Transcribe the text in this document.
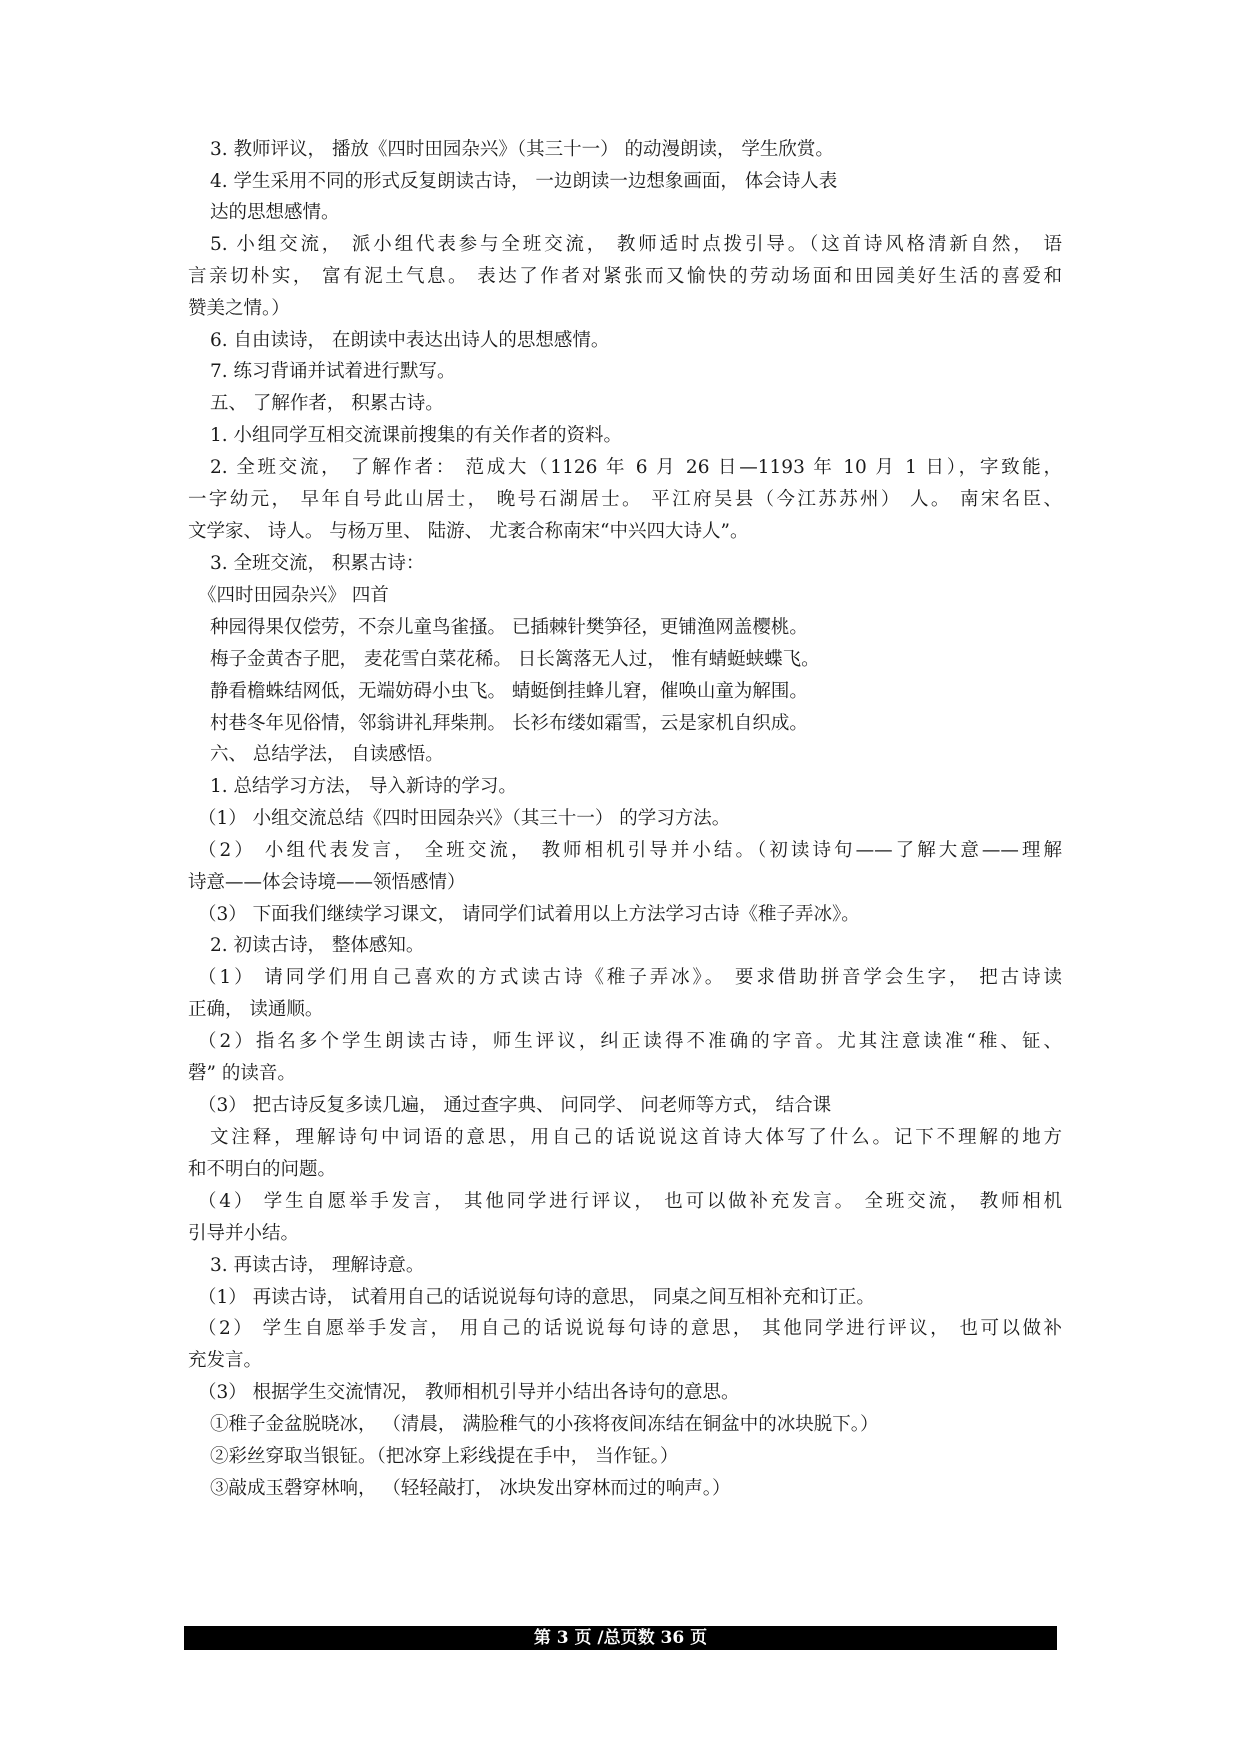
3. 教师评议， 播放《四时田园杂兴》（其三十一） 的动漫朗读， 学生欣赏。
4. 学生采用不同的形式反复朗读古诗， 一边朗读一边想象画面， 体会诗人表
达的思想感情。
5. 小组交流， 派小组代表参与全班交流， 教师适时点拨引导。（这首诗风格清新自然， 语
言亲切朴实， 富有泥土气息。 表达了作者对紧张而又愉快的劳动场面和田园美好生活的喜爱和
赞美之情。）
6. 自由读诗， 在朗读中表达出诗人的思想感情。
7. 练习背诵并试着进行默写。
五、 了解作者， 积累古诗。
1. 小组同学互相交流课前搜集的有关作者的资料。
2. 全班交流， 了解作者： 范成大（1126 年 6 月 26 日—1193 年 10 月 1 日），字致能，
一字幼元， 早年自号此山居士， 晚号石湖居士。 平江府吴县（今江苏苏州） 人。 南宋名臣、
文学家、 诗人。 与杨万里、 陆游、 尤袤合称南宋“中兴四大诗人”。
3. 全班交流， 积累古诗：
《四时田园杂兴》 四首
种园得果仅偿劳，不奈儿童鸟雀搔。 已插棘针樊笋径，更铺渔网盖樱桃。
梅子金黄杏子肥， 麦花雪白菜花稀。 日长篱落无人过， 惟有蜻蜓蛱蝶飞。
静看檐蛛结网低，无端妨碍小虫飞。 蜻蜓倒挂蜂儿窘，催唤山童为解围。
村巷冬年见俗情，邻翁讲礼拜柴荆。 长衫布缕如霜雪，云是家机自织成。
六、 总结学法， 自读感悟。
1. 总结学习方法， 导入新诗的学习。
（1） 小组交流总结《四时田园杂兴》（其三十一） 的学习方法。
（2） 小组代表发言， 全班交流， 教师相机引导并小结。（初读诗句——了解大意——理解
诗意——体会诗境——领悟感情）
（3） 下面我们继续学习课文， 请同学们试着用以上方法学习古诗《稚子弄冰》。
2. 初读古诗， 整体感知。
（1） 请同学们用自己喜欢的方式读古诗《稚子弄冰》。 要求借助拼音学会生字， 把古诗读
正确， 读通顺。
（2）指名多个学生朗读古诗，师生评议，纠正读得不准确的字音。尤其注意读准“稚、钲、
磬” 的读音。
（3） 把古诗反复多读几遍， 通过查字典、 问同学、 问老师等方式， 结合课
文注释，理解诗句中词语的意思，用自己的话说说这首诗大体写了什么。记下不理解的地方
和不明白的问题。
（4） 学生自愿举手发言， 其他同学进行评议， 也可以做补充发言。 全班交流， 教师相机
引导并小结。
3. 再读古诗， 理解诗意。
（1） 再读古诗， 试着用自己的话说说每句诗的意思， 同桌之间互相补充和订正。
（2） 学生自愿举手发言， 用自己的话说说每句诗的意思， 其他同学进行评议， 也可以做补
充发言。
（3） 根据学生交流情况， 教师相机引导并小结出各诗句的意思。
①稚子金盆脱晓冰， （清晨， 满脸稚气的小孩将夜间冻结在铜盆中的冰块脱下。）
②彩丝穿取当银钲。（把冰穿上彩线提在手中， 当作钲。）
③敲成玉磬穿林响， （轻轻敲打， 冰块发出穿林而过的响声。）
第 3 页 /总页数 36 页
